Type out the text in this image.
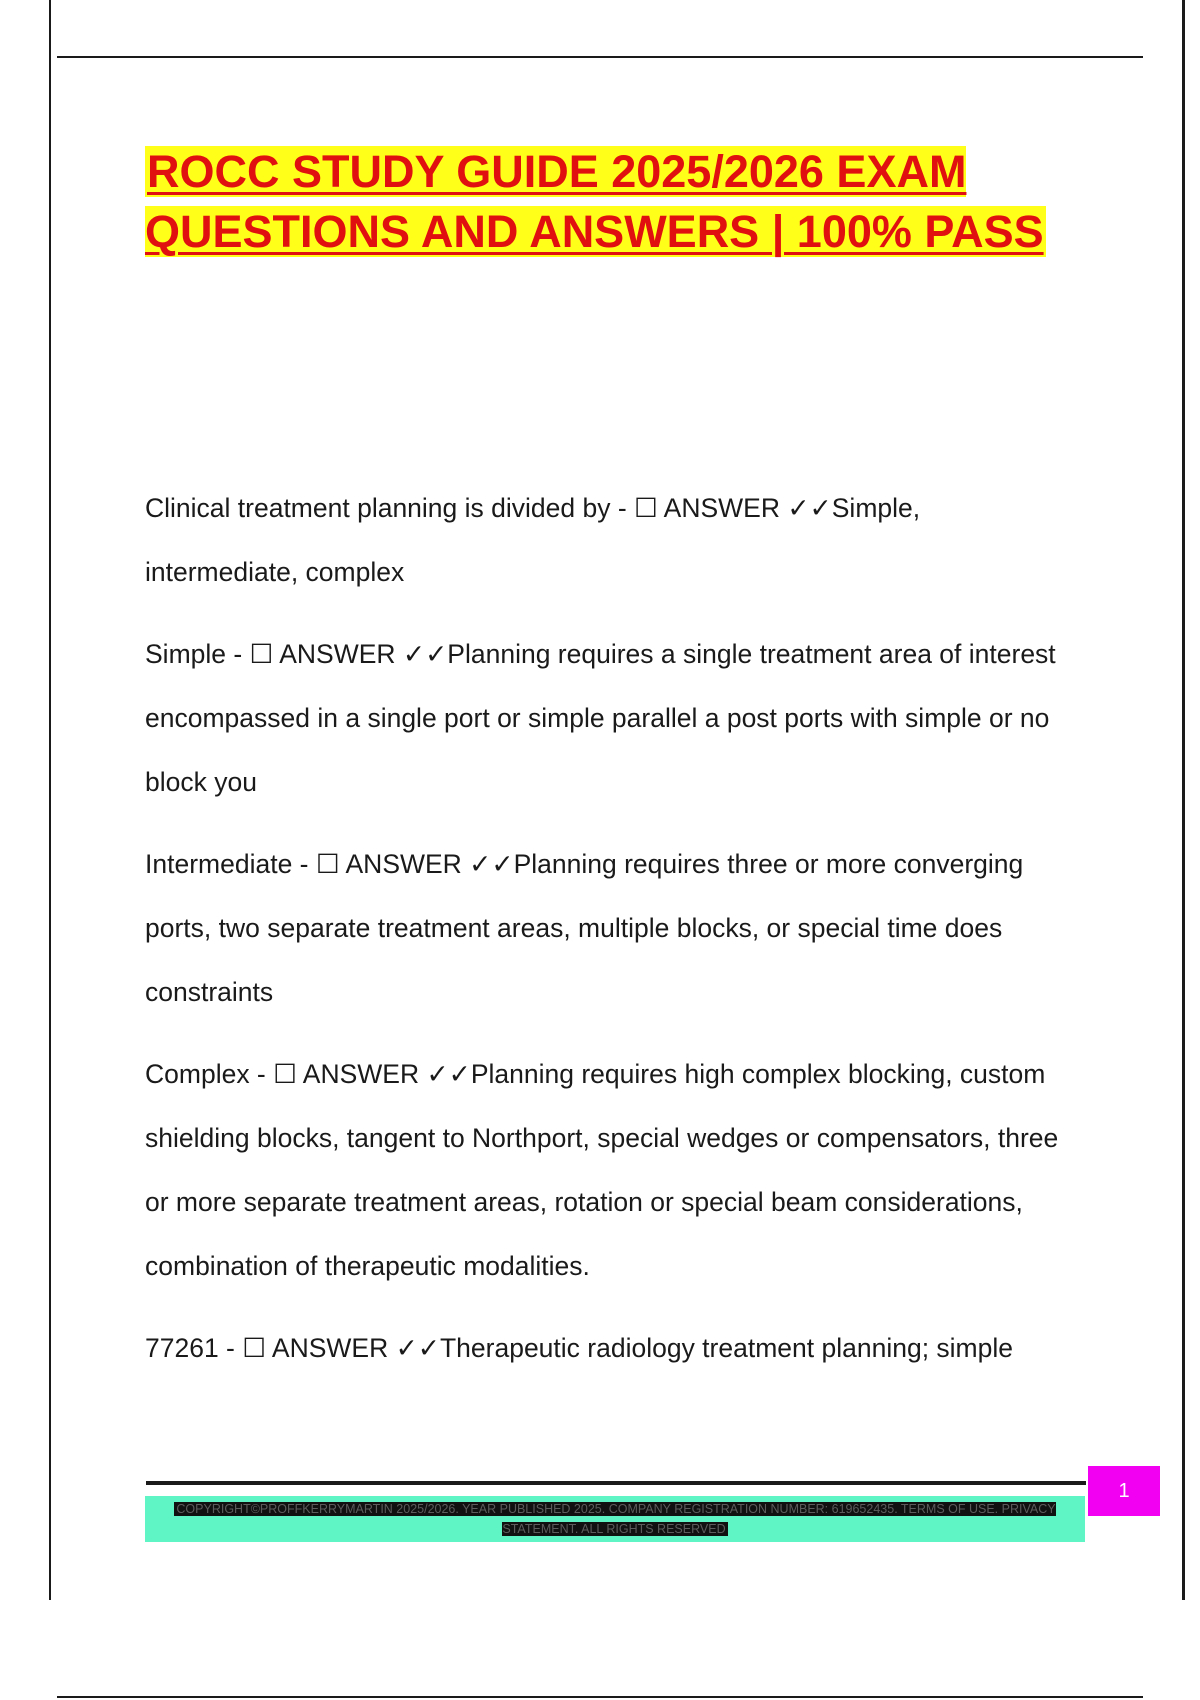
ROCC STUDY GUIDE 2025/2026 EXAM QUESTIONS AND ANSWERS | 100% PASS

Clinical treatment planning is divided by - ☐ ANSWER ✓✓Simple, intermediate, complex

Simple - ☐ ANSWER ✓✓Planning requires a single treatment area of interest encompassed in a single port or simple parallel a post ports with simple or no block you

Intermediate - ☐ ANSWER ✓✓Planning requires three or more converging ports, two separate treatment areas, multiple blocks, or special time does constraints

Complex - ☐ ANSWER ✓✓Planning requires high complex blocking, custom shielding blocks, tangent to Northport, special wedges or compensators, three or more separate treatment areas, rotation or special beam considerations, combination of therapeutic modalities.

77261 - ☐ ANSWER ✓✓Therapeutic radiology treatment planning; simple

COPYRIGHT©PROFFKERRYMARTIN 2025/2026. YEAR PUBLISHED 2025. COMPANY REGISTRATION NUMBER: 619652435. TERMS OF USE. PRIVACY STATEMENT. ALL RIGHTS RESERVED
1
